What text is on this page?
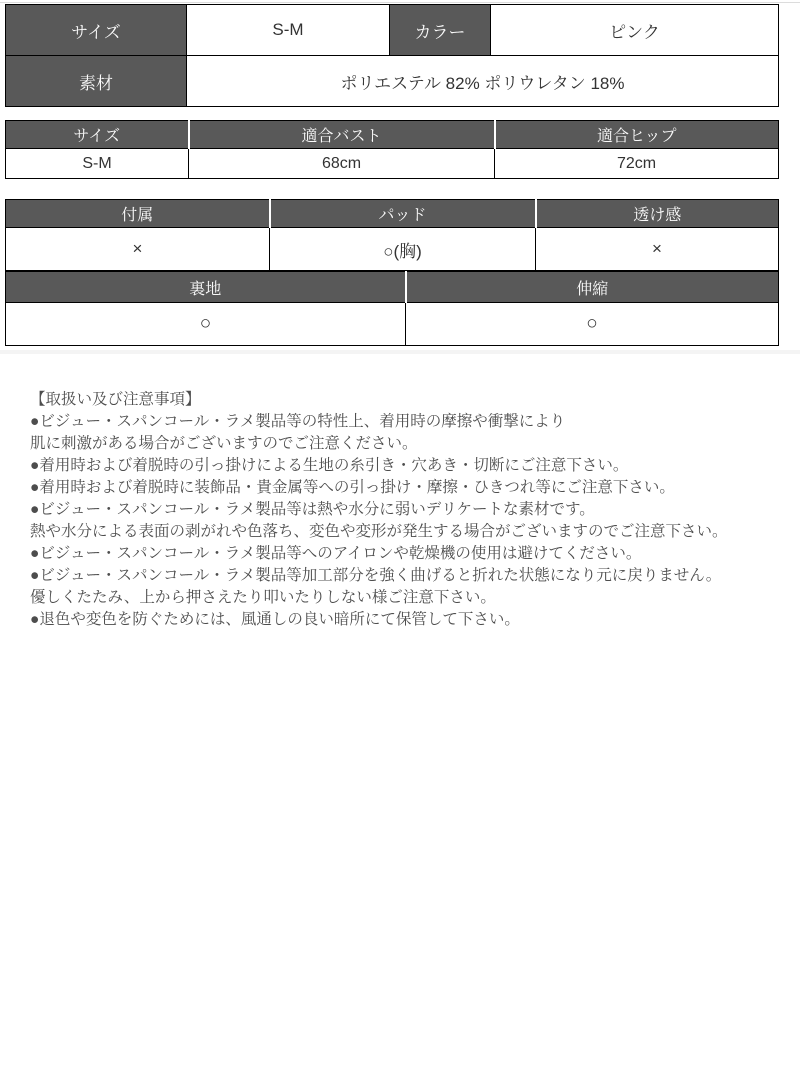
サイズ	S-M	カラー	ピンク
素材	ポリエステル 82% ポリウレタン 18%		
サイズ	適合バスト	適合ヒップ
S-M	68cm	72cm
付属	パッド	透け感
×	○(胸)	×
裏地	伸縮
○	○
【取扱い及び注意事項】
●ビジュー・スパンコール・ラメ製品等の特性上、着用時の摩擦や衝撃により
肌に刺激がある場合がございますのでご注意ください。
●着用時および着脱時の引っ掛けによる生地の糸引き・穴あき・切断にご注意下さい。
●着用時および着脱時に装飾品・貴金属等への引っ掛け・摩擦・ひきつれ等にご注意下さい。
●ビジュー・スパンコール・ラメ製品等は熱や水分に弱いデリケートな素材です。
熱や水分による表面の剥がれや色落ち、変色や変形が発生する場合がございますのでご注意下さい。
●ビジュー・スパンコール・ラメ製品等へのアイロンや乾燥機の使用は避けてください。
●ビジュー・スパンコール・ラメ製品等加工部分を強く曲げると折れた状態になり元に戻りません。
優しくたたみ、上から押さえたり叩いたりしない様ご注意下さい。
●退色や変色を防ぐためには、風通しの良い暗所にて保管して下さい。
